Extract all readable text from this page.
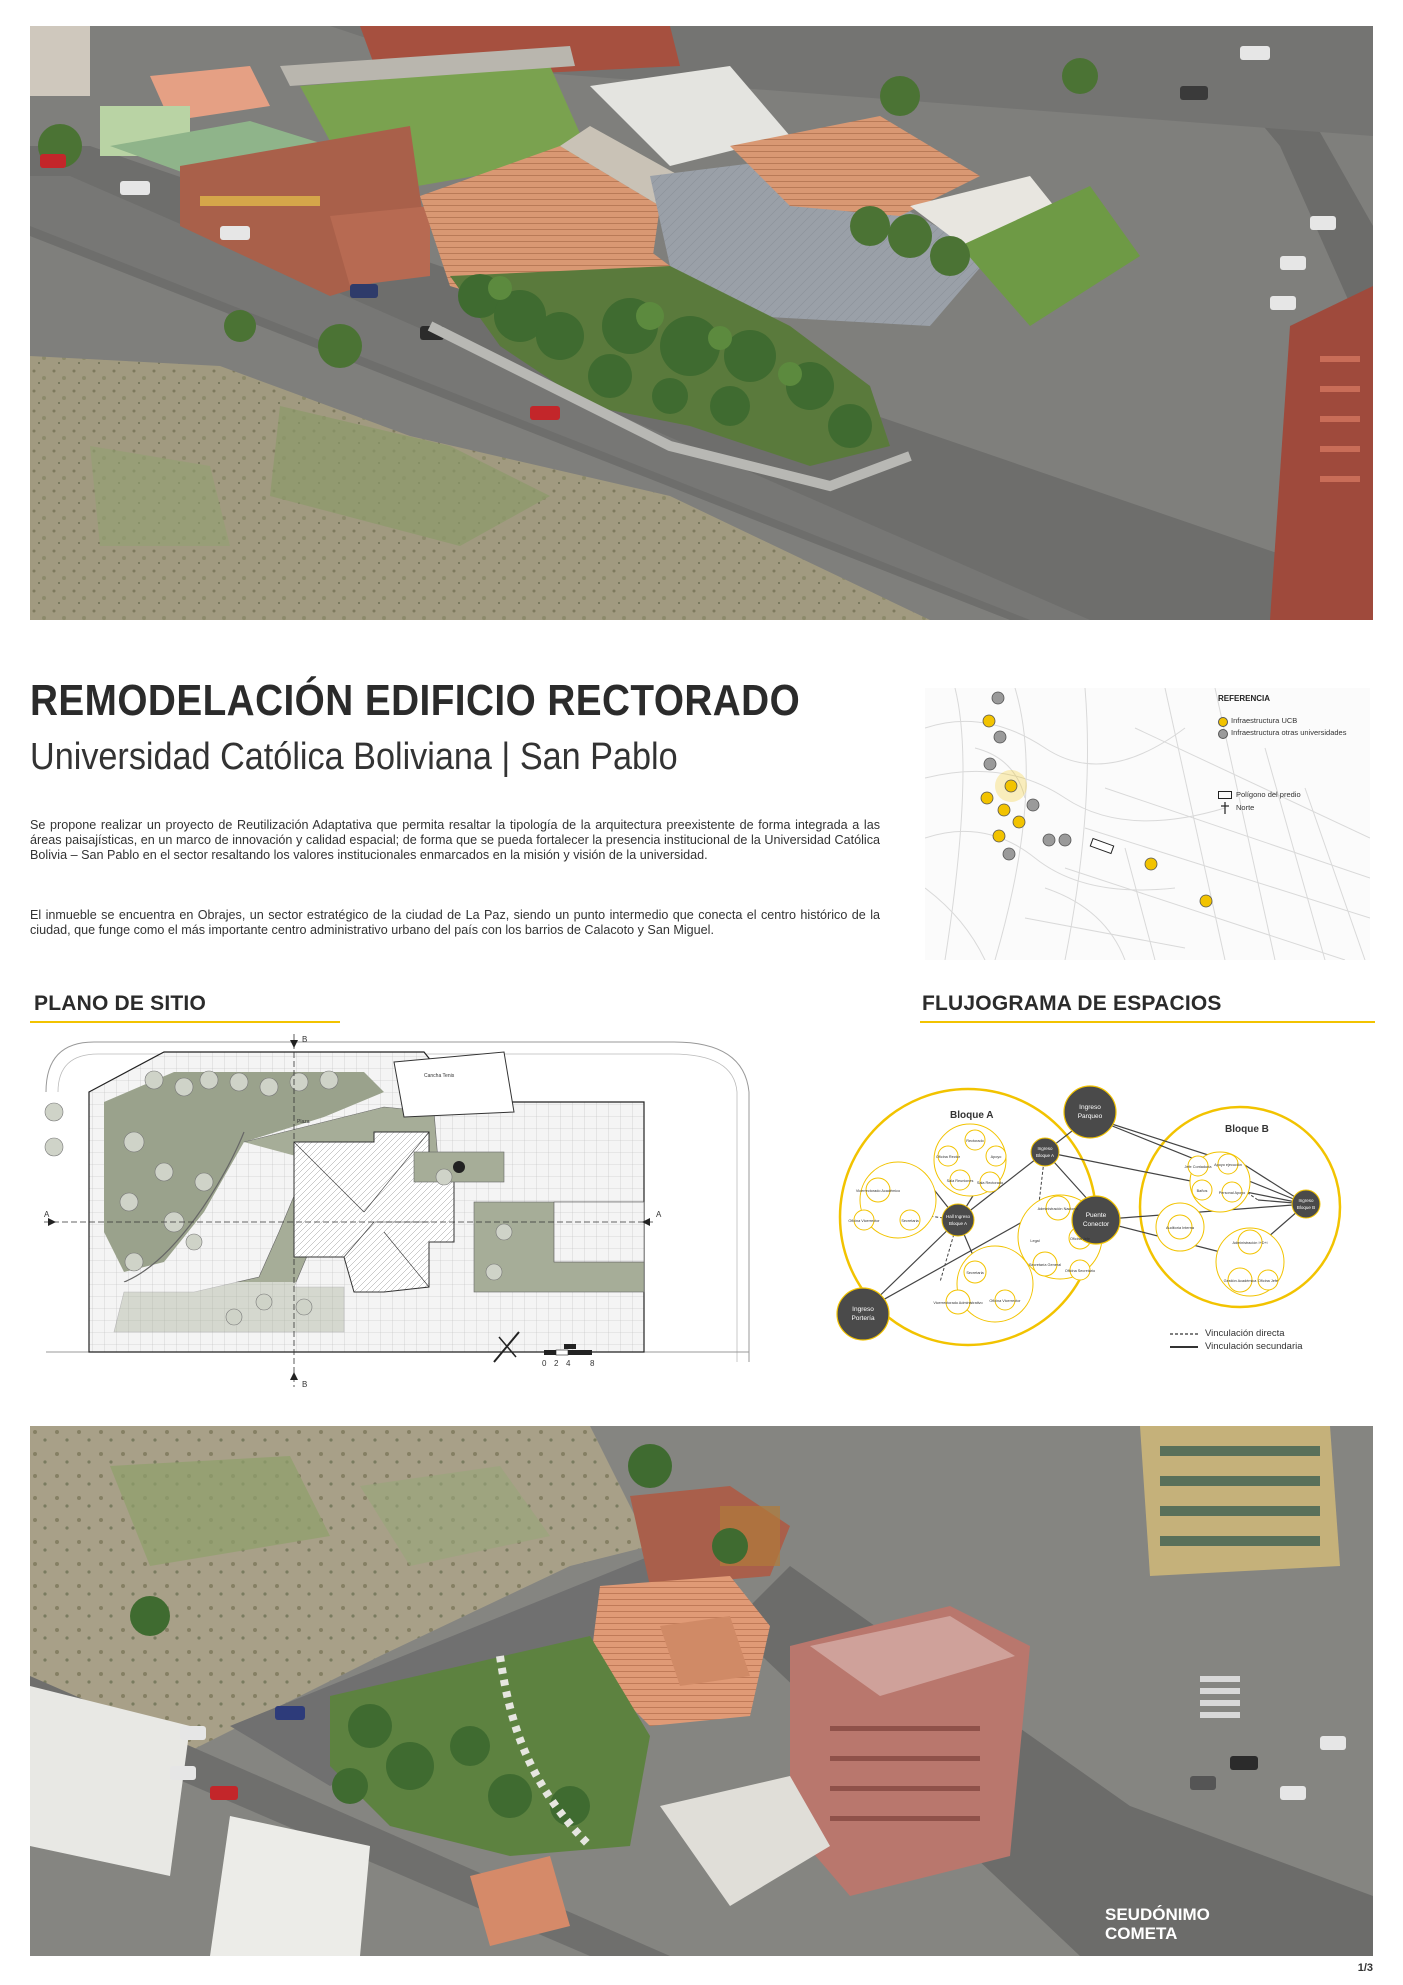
REMODELACIÓN EDIFICIO RECTORADO
Universidad Católica Boliviana | San Pablo

Se propone realizar un proyecto de Reutilización Adaptativa que permita resaltar la tipología de la arquitectura preexistente de forma integrada a las áreas paisajísticas, en un marco de innovación y calidad espacial; de forma que se pueda fortalecer la presencia institucional de la Universidad Católica Bolivia – San Pablo en el sector resaltando los valores institucionales enmarcados en la misión y visión de la universidad.

El inmueble se encuentra en Obrajes, un sector estratégico de la ciudad de La Paz, siendo un punto intermedio que conecta el centro histórico de la ciudad, que funge como el más importante centro administrativo urbano del país con los barrios de Calacoto y San Miguel.

REFERENCIA
Infraestructura UCB
Infraestructura otras universidades
Polígono del predio
Norte
PLANO DE SITIO	FLUJOGRAMA DE ESPACIOS
B
B
A	A
Plaza
Cancha Tenis
0 2 4 8
Bloque A
Bloque B
Ingreso
Parqueo
Ingreso
Portería
Puente
Conector
Ingreso
Bloque A
Hall Ingreso
Bloque A
Ingreso
Bloque B
Rectorado
Oficina Rector	Apoyo
Sala Reuniones Sala Rectorado
Vicerrectorado Académico
Oficina Vicerrector	Secretaria
Secretaria
Vicerrectorado Administrativo Oficina Vicerrector
Administración Nacional
Oficina Jefe
Secretaría General
Oficina Secretario
Legal
Jefe Contaduría Apoyo ejecución
Baños	Personal Apoyo
Auditoría Interna
Administración I+D+i
Gestión Académica Oficina Jefe
Vinculación directa
Vinculación secundaria
SEUDÓNIMO
COMETA
1/3
